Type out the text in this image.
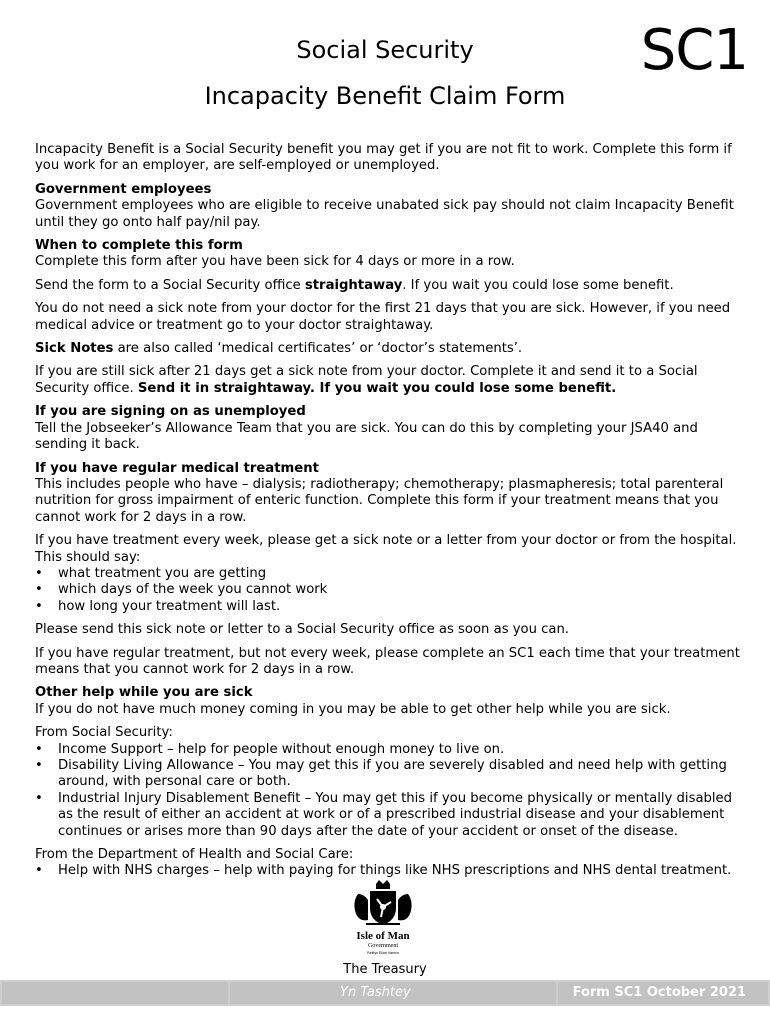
Social Security
Incapacity Benefit Claim Form
SC1

Incapacity Benefit is a Social Security benefit you may get if you are not fit to work. Complete this form if you work for an employer, are self-employed or unemployed.

Government employees

Government employees who are eligible to receive unabated sick pay should not claim Incapacity Benefit until they go onto half pay/nil pay.

When to complete this form

Complete this form after you have been sick for 4 days or more in a row.

Send the form to a Social Security office straightaway. If you wait you could lose some benefit.

You do not need a sick note from your doctor for the first 21 days that you are sick. However, if you need medical advice or treatment go to your doctor straightaway.

Sick Notes are also called ‘medical certificates’ or ‘doctor’s statements’.

If you are still sick after 21 days get a sick note from your doctor. Complete it and send it to a Social Security office. Send it in straightaway. If you wait you could lose some benefit.

If you are signing on as unemployed

Tell the Jobseeker’s Allowance Team that you are sick. You can do this by completing your JSA40 and sending it back.

If you have regular medical treatment

This includes people who have – dialysis; radiotherapy; chemotherapy; plasmapheresis; total parenteral nutrition for gross impairment of enteric function. Complete this form if your treatment means that you cannot work for 2 days in a row.

If you have treatment every week, please get a sick note or a letter from your doctor or from the hospital. This should say:

• what treatment you are getting
• which days of the week you cannot work
• how long your treatment will last.

Please send this sick note or letter to a Social Security office as soon as you can.

If you have regular treatment, but not every week, please complete an SC1 each time that your treatment means that you cannot work for 2 days in a row.

Other help while you are sick

If you do not have much money coming in you may be able to get other help while you are sick.

From Social Security:

• Income Support – help for people without enough money to live on.
• Disability Living Allowance – You may get this if you are severely disabled and need help with getting around, with personal care or both.
• Industrial Injury Disablement Benefit – You may get this if you become physically or mentally disabled as the result of either an accident at work or of a prescribed industrial disease and your disablement continues or arises more than 90 days after the date of your accident or onset of the disease.

From the Department of Health and Social Care:

• Help with NHS charges – help with paying for things like NHS prescriptions and NHS dental treatment.
Isle of Man
Government
Reiltys Ellan Vannin
The Treasury
Yn Tashtey	Form SC1 October 2021
